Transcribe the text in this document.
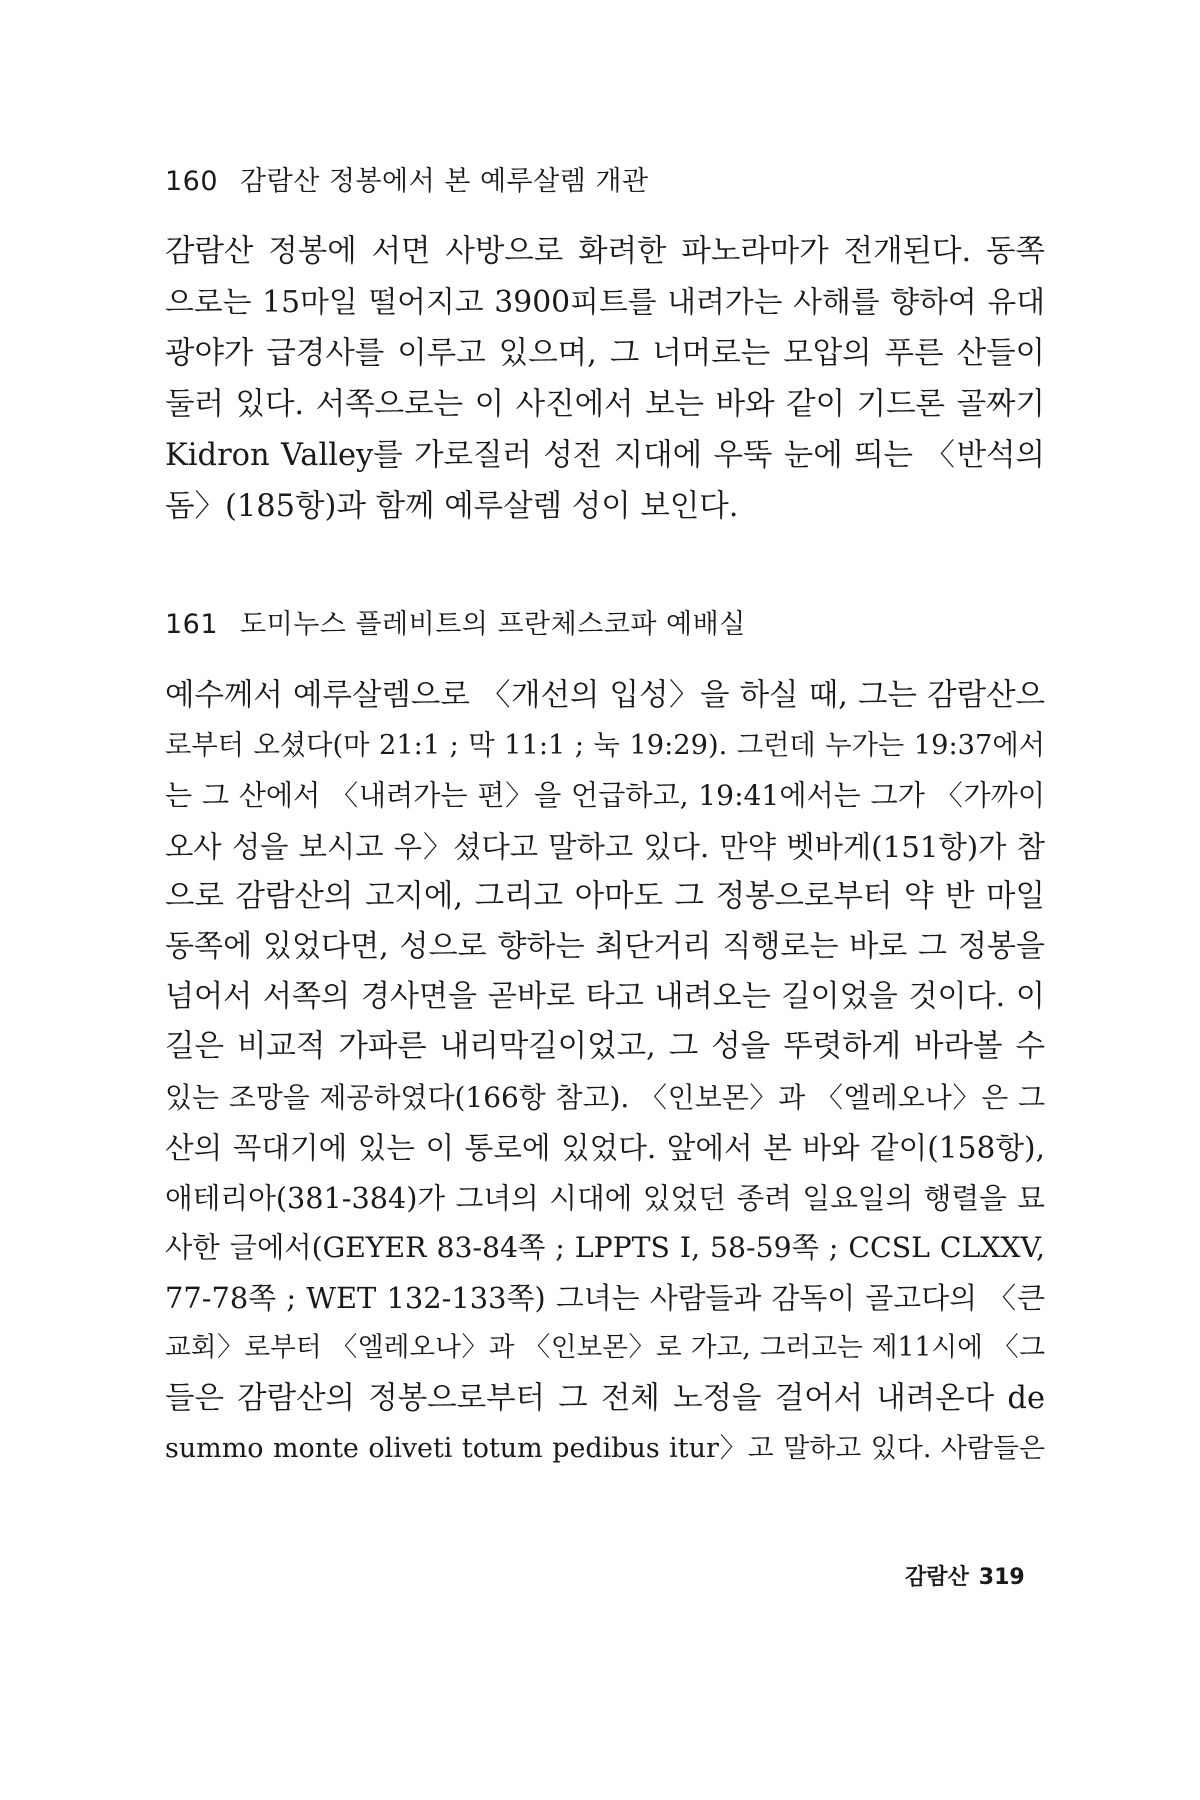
160 감람산 정봉에서 본 예루살렘 개관
감람산 정봉에 서면 사방으로 화려한 파노라마가 전개된다. 동쪽
으로는 15마일 떨어지고 3900피트를 내려가는 사해를 향하여 유대
광야가 급경사를 이루고 있으며, 그 너머로는 모압의 푸른 산들이
둘러 있다. 서쪽으로는 이 사진에서 보는 바와 같이 기드론 골짜기
Kidron Valley를 가로질러 성전 지대에 우뚝 눈에 띄는 〈반석의
돔〉(185항)과 함께 예루살렘 성이 보인다.
161 도미누스 플레비트의 프란체스코파 예배실
예수께서 예루살렘으로 〈개선의 입성〉을 하실 때, 그는 감람산으
로부터 오셨다(마 21:1 ; 막 11:1 ; 눅 19:29). 그런데 누가는 19:37에서
는 그 산에서 〈내려가는 편〉을 언급하고, 19:41에서는 그가 〈가까이
오사 성을 보시고 우〉셨다고 말하고 있다. 만약 벳바게(151항)가 참
으로 감람산의 고지에, 그리고 아마도 그 정봉으로부터 약 반 마일
동쪽에 있었다면, 성으로 향하는 최단거리 직행로는 바로 그 정봉을
넘어서 서쪽의 경사면을 곧바로 타고 내려오는 길이었을 것이다. 이
길은 비교적 가파른 내리막길이었고, 그 성을 뚜렷하게 바라볼 수
있는 조망을 제공하였다(166항 참고). 〈인보몬〉과 〈엘레오나〉은 그
산의 꼭대기에 있는 이 통로에 있었다. 앞에서 본 바와 같이(158항),
애테리아(381-384)가 그녀의 시대에 있었던 종려 일요일의 행렬을 묘
사한 글에서(GEYER 83-84쪽 ; LPPTS I, 58-59쪽 ; CCSL CLXXV,
77-78쪽 ; WET 132-133쪽) 그녀는 사람들과 감독이 골고다의 〈큰
교회〉로부터 〈엘레오나〉과 〈인보몬〉로 가고, 그러고는 제11시에 〈그
들은 감람산의 정봉으로부터 그 전체 노정을 걸어서 내려온다 de
summo monte oliveti totum pedibus itur〉고 말하고 있다. 사람들은
감람산 319
